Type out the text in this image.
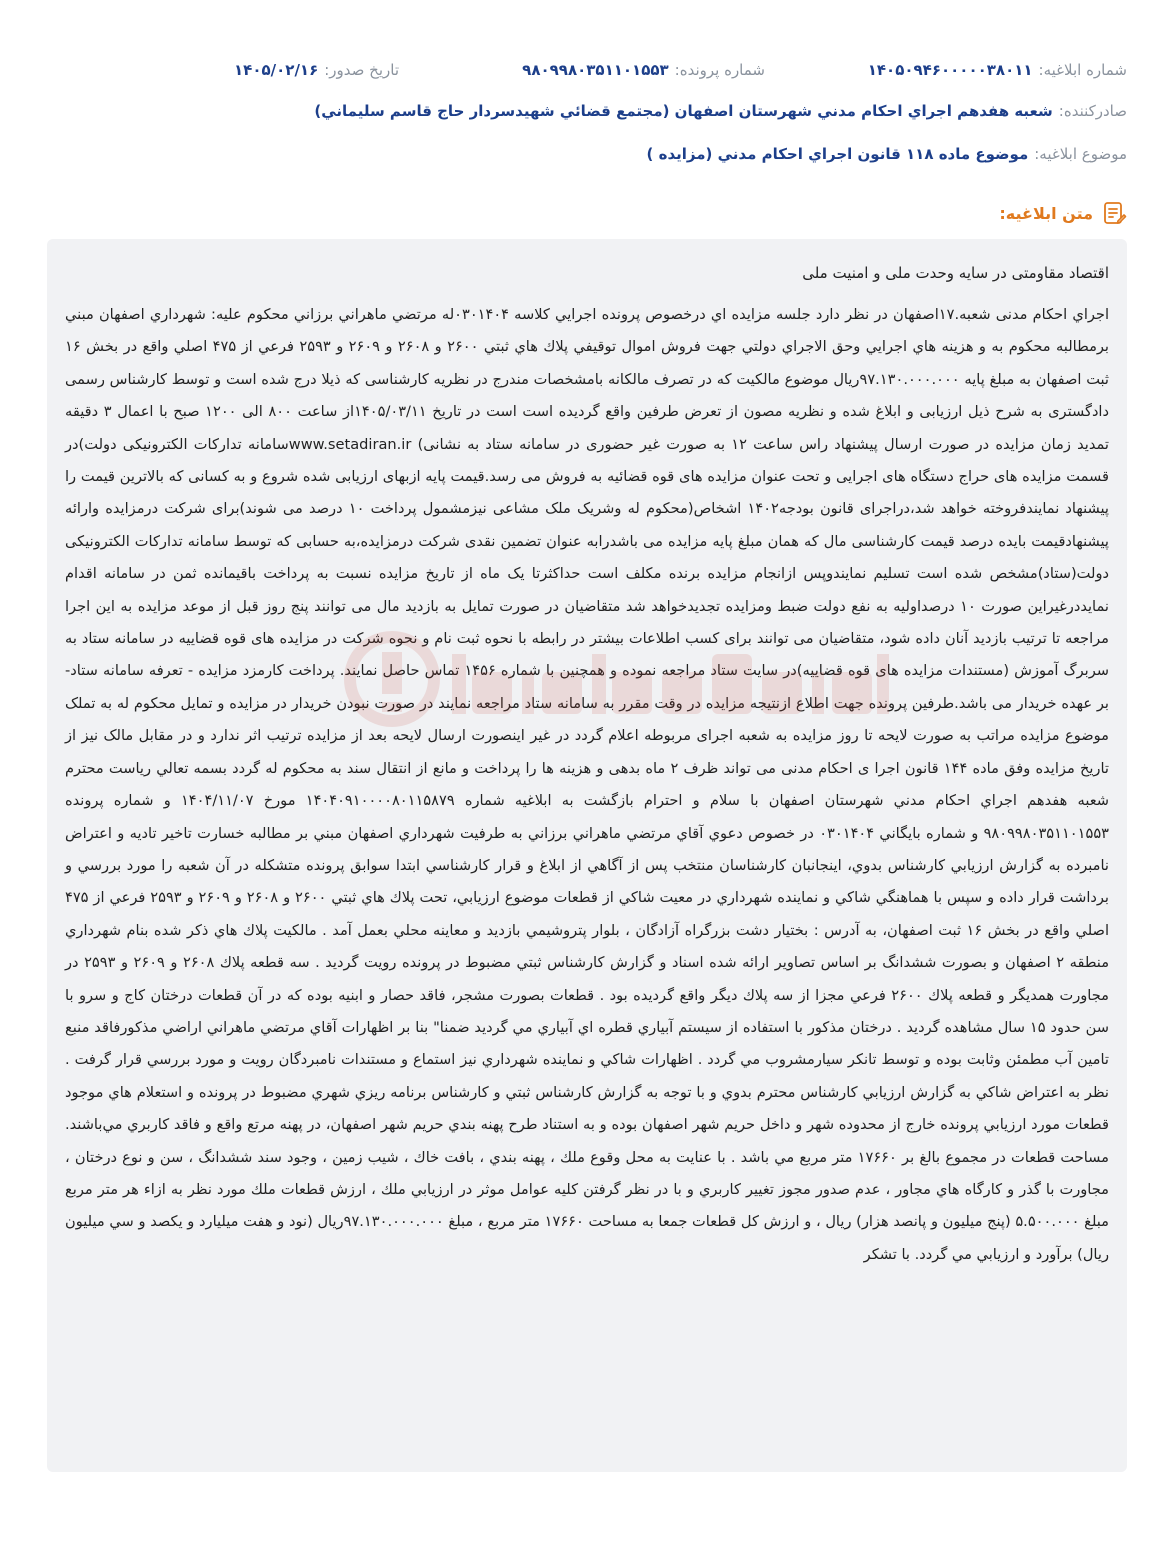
شماره ابلاغیه:
۱۴۰۵۰۹۴۶۰۰۰۰۰۳۸۰۱۱
شماره پرونده:
۹۸۰۹۹۸۰۳۵۱۱۰۱۵۵۳
تاریخ صدور:
۱۴۰۵/۰۲/۱۶
صادرکننده:
شعبه هفدهم اجراي احكام مدني شهرستان اصفهان (مجتمع قضائي شهيدسردار حاج قاسم سليماني)
موضوع ابلاغیه:
موضوع ماده ۱۱۸ قانون اجراي احكام مدني (مزايده )
متن ابلاغیه:
اقتصاد مقاومتی در سایه وحدت ملی و امنیت ملی

اجراي احكام مدنی شعبه.۱۷اصفهان در نظر دارد جلسه مزايده اي درخصوص پرونده اجرايي كلاسه ۰۳۰۱۴۰۴له مرتضي ماهراني برزاني محكوم عليه: شهرداري اصفهان مبني برمطالبه محكوم به و هزينه هاي اجرايي وحق الاجراي دولتي جهت فروش اموال توقيفي پلاك هاي ثبتي ۲۶۰۰ و ۲۶۰۸ و ۲۶۰۹ و ۲۵۹۳ فرعي از ۴۷۵ اصلي واقع در بخش ۱۶ ثبت اصفهان به مبلغ پايه ۹۷.۱۳۰.۰۰۰.۰۰۰ريال موضوع مالكيت كه در تصرف مالكانه بامشخصات مندرج در نظريه كارشناسی كه ذيلا درج شده است و توسط كارشناس رسمی دادگستری به شرح ذيل ارزيابی و ابلاغ شده و نظريه مصون از تعرض طرفين واقع گرديده است است در تاريخ ۱۴۰۵/۰۳/۱۱از ساعت ۸۰۰ الی ۱۲۰۰ صبح با اعمال ۳ دقيقه تمديد زمان مزايده در صورت ارسال پيشنهاد راس ساعت ۱۲ به صورت غير حضوری در سامانه ستاد به نشانی) www.setadiran.irسامانه تداركات الكترونيكی دولت)در قسمت مزايده های حراج دستگاه های اجرايی و تحت عنوان مزايده های قوه قضائيه به فروش می رسد.قيمت پايه ازبهای ارزيابی شده شروع و به كسانی كه بالاترين قيمت را پيشنهاد نمايندفروخته خواهد شد،دراجرای قانون بودجه۱۴۰۲ اشخاص(محكوم له وشريک ملک مشاعی نيزمشمول پرداخت ۱۰ درصد می شوند)برای شركت درمزايده وارائه پيشنهادقيمت بايده درصد قيمت كارشناسی مال كه همان مبلغ پايه مزايده می باشدرابه عنوان تضمين نقدی شركت درمزايده،به حسابی كه توسط سامانه تداركات الكترونيكی دولت(ستاد)مشخص شده است تسليم نمايندوپس ازانجام مزايده برنده مكلف است حداكثرتا يک ماه از تاريخ مزايده نسبت به پرداخت باقيمانده ثمن در سامانه اقدام نمايددرغيراين صورت ۱۰ درصداوليه به نفع دولت ضبط ومزايده تجديدخواهد شد متقاضيان در صورت تمايل به بازديد مال می توانند پنج روز قبل از موعد مزايده به اين اجرا مراجعه تا ترتيب بازديد آنان داده شود، متقاضيان می توانند برای كسب اطلاعات بيشتر در رابطه با نحوه ثبت نام و نحوه شركت در مزايده های قوه قضاييه در سامانه ستاد به سربرگ آموزش (مستندات مزايده های قوه قضاييه)در سايت ستاد مراجعه نموده و همچنين با شماره ۱۴۵۶ تماس حاصل نمايند. پرداخت كارمزد مزايده - تعرفه سامانه ستاد- بر عهده خريدار می باشد.طرفين پرونده جهت اطلاع ازنتيجه مزايده در وقت مقرر به سامانه ستاد مراجعه نمايند در صورت نبودن خريدار در مزايده و تمايل محكوم له به تملک موضوع مزايده مراتب به صورت لايحه تا روز مزايده به شعبه اجرای مربوطه اعلام گردد در غير اينصورت ارسال لايحه بعد از مزايده ترتيب اثر ندارد و در مقابل مالک نيز از تاريخ مزايده وفق ماده ۱۴۴ قانون اجرا ی احكام مدنی می تواند ظرف ۲ ماه بدهی و هزينه ها را پرداخت و مانع از انتقال سند به محكوم له گردد بسمه تعالي رياست محترم شعبه هفدهم اجراي احكام مدني شهرستان اصفهان با سلام و احترام بازگشت به ابلاغيه شماره ۱۴۰۴۰۹۱۰۰۰۰۸۰۱۱۵۸۷۹ مورخ ۱۴۰۴/۱۱/۰۷ و شماره پرونده ۹۸۰۹۹۸۰۳۵۱۱۰۱۵۵۳ و شماره بايگاني ۰۳۰۱۴۰۴ در خصوص دعوي آقاي مرتضي ماهراني برزاني به طرفيت شهرداري اصفهان مبني بر مطالبه خسارت تاخير تاديه و اعتراض نامبرده به گزارش ارزيابي كارشناس بدوي، اينجانبان كارشناسان منتخب پس از آگاهي از ابلاغ و قرار كارشناسي ابتدا سوابق پرونده متشكله در آن شعبه را مورد بررسي و برداشت قرار داده و سپس با هماهنگي شاكي و نماينده شهرداري در معيت شاكي از قطعات موضوع ارزيابي، تحت پلاك هاي ثبتي ۲۶۰۰ و ۲۶۰۸ و ۲۶۰۹ و ۲۵۹۳ فرعي از ۴۷۵ اصلي واقع در بخش ۱۶ ثبت اصفهان، به آدرس : بختيار دشت بزرگراه آزادگان ، بلوار پتروشيمي بازديد و معاينه محلي بعمل آمد . مالكيت پلاك هاي ذكر شده بنام شهرداري منطقه ۲ اصفهان و بصورت ششدانگ بر اساس تصاوير ارائه شده اسناد و گزارش كارشناس ثبتي مضبوط در پرونده رويت گرديد . سه قطعه پلاك ۲۶۰۸ و ۲۶۰۹ و ۲۵۹۳ در مجاورت همديگر و قطعه پلاك ۲۶۰۰ فرعي مجزا از سه پلاك ديگر واقع گرديده بود . قطعات بصورت مشجر، فاقد حصار و ابنيه بوده كه در آن قطعات درختان كاج و سرو با سن حدود ۱۵ سال مشاهده گرديد . درختان مذكور با استفاده از سيستم آبياري قطره اي آبياري مي گرديد ضمنا" بنا بر اظهارات آقاي مرتضي ماهراني اراضي مذكورفاقد منبع تامين آب مطمئن وثابت بوده و توسط تانكر سيارمشروب مي گردد . اظهارات شاكي و نماينده شهرداري نيز استماع و مستندات نامبردگان رويت و مورد بررسي قرار گرفت . نظر به اعتراض شاكي به گزارش ارزيابي كارشناس محترم بدوي و با توجه به گزارش كارشناس ثبتي و كارشناس برنامه ريزي شهري مضبوط در پرونده و استعلام هاي موجود قطعات مورد ارزيابي پرونده خارج از محدوده شهر و داخل حريم شهر اصفهان بوده و به استناد طرح پهنه بندي حريم شهر اصفهان، در پهنه مرتع واقع و فاقد كاربري مي‌باشند. مساحت قطعات در مجموع بالغ بر ۱۷۶۶۰ متر مربع مي باشد . با عنايت به محل وقوع ملك ، پهنه بندي ، بافت خاك ، شيب زمين ، وجود سند ششدانگ ، سن و نوع درختان ، مجاورت با گذر و كارگاه هاي مجاور ، عدم صدور مجوز تغيير كاربري و با در نظر گرفتن كليه عوامل موثر در ارزيابي ملك ، ارزش قطعات ملك مورد نظر به ازاء هر متر مربع مبلغ ۵.۵۰۰.۰۰۰ (پنج ميليون و پانصد هزار) ريال ، و ارزش كل قطعات جمعا به مساحت ۱۷۶۶۰ متر مربع ، مبلغ ۹۷.۱۳۰.۰۰۰.۰۰۰ريال (نود و هفت ميليارد و يكصد و سي ميليون ريال) برآورد و ارزيابي مي گردد. با تشكر
